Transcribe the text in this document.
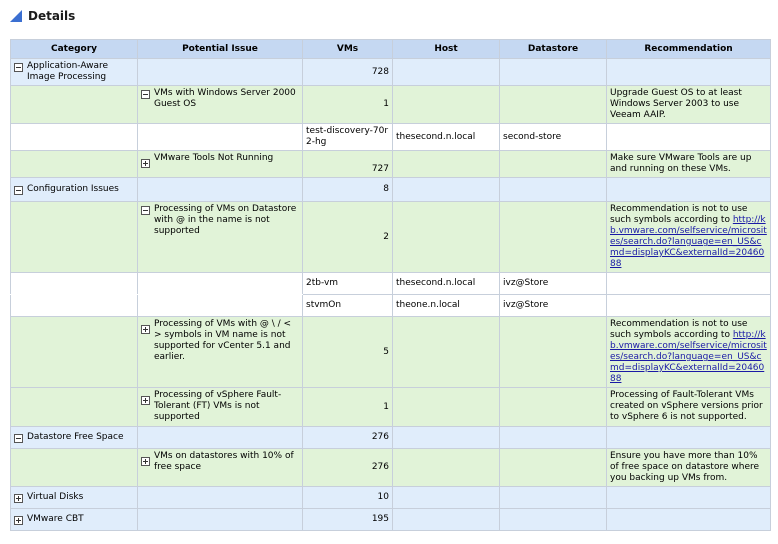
Details
Category	Potential Issue	VMs	Host	Datastore	Recommendation

Application-Aware Image Processing		728			

	VMs with Windows Server 2000 Guest OS	1			Upgrade Guest OS to at least Windows Server 2003 to use Veeam AAIP.
		test-discovery-70r2-hg	thesecond.n.local	second-store	

	VMware Tools Not Running	727			Make sure VMware Tools are up and running on these VMs.

Configuration Issues		8			

	Processing of VMs on Datastore with @ in the name is not supported	2			Recommendation is not to use such symbols according to http://kb.vmware.com/selfservice/microsites/search.do?language=en_US&cmd=displayKC&externalId=2046088
		2tb-vm	thesecond.n.local	ivz@Store	
		stvmOn	theone.n.local	ivz@Store	

	Processing of VMs with @ \ / < > symbols in VM name is not supported for vCenter 5.1 and earlier.	5			Recommendation is not to use such symbols according to http://kb.vmware.com/selfservice/microsites/search.do?language=en_US&cmd=displayKC&externalId=2046088

	Processing of vSphere Fault-Tolerant (FT) VMs is not supported	1			Processing of Fault-Tolerant VMs created on vSphere versions prior to vSphere 6 is not supported.

Datastore Free Space		276			

	VMs on datastores with 10% of free space	276			Ensure you have more than 10% of free space on datastore where you backing up VMs from.

Virtual Disks		10			

VMware CBT		195			
